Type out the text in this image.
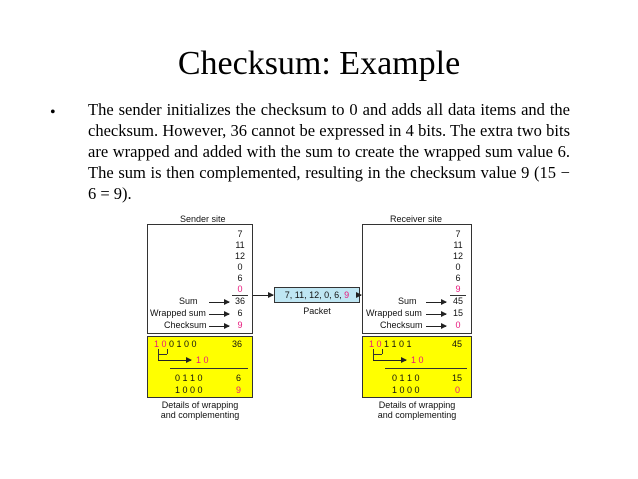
Checksum: Example
• The sender initializes the checksum to 0 and adds all data items and the checksum. However, 36 cannot be expressed in 4 bits. The extra two bits are wrapped and added with the sum to create the wrapped sum value 6. The sum is then complemented, resulting in the checksum value 9 (15 − 6 = 9).
Sender site
7
11
12
0
6
0
Sum	36
Wrapped sum	6
Checksum	9
1 0 0 1 0 0	36
1 0
0 1 1 0	6
1 0 0 0	9
Details of wrapping
and complementing
7, 11, 12, 0, 6, 9
Packet
Receiver site
7
11
12
0
6
9
Sum	45
Wrapped sum	15
Checksum	0
1 0 1 1 0 1	45
1 0
0 1 1 0	15
1 0 0 0	0
Details of wrapping
and complementing
